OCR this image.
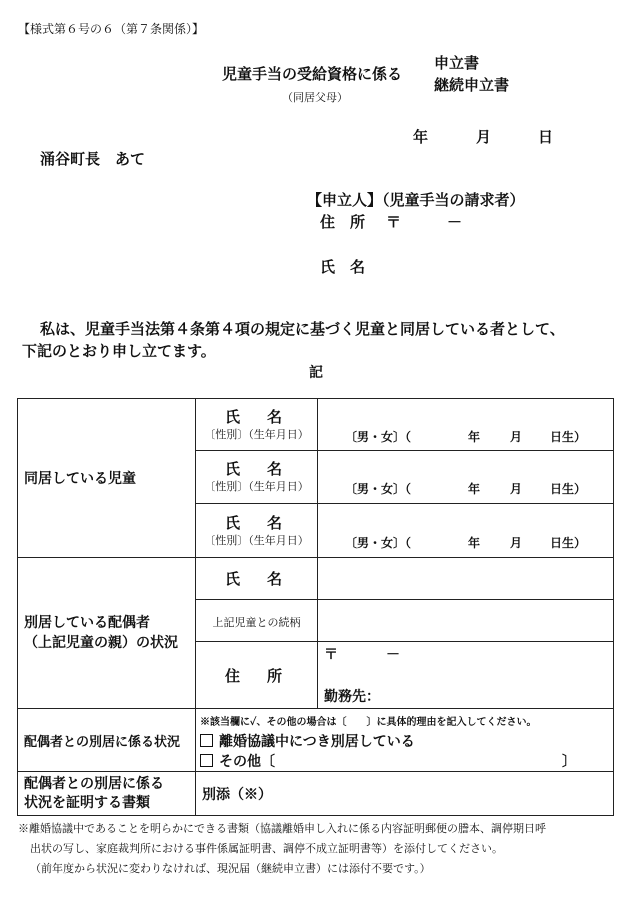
【様式第６号の６（第７条関係）】
児童手当の受給資格に係る
（同居父母）
申立書
継続申立書
年	月	日
涌谷町長　あて
【申立人】（児童手当の請求者）
住　所 〒	－
氏　名
私は、児童手当法第４条第４項の規定に基づく児童と同居している者として、
下記のとおり申し立てます。
記
同居している児童	氏　名
〔性別〕（生年月日）	〔男・女〕（ 年 月 日生）

	氏　名
〔性別〕（生年月日）	〔男・女〕（ 年 月 日生）

	氏　名
〔性別〕（生年月日）	〔男・女〕（ 年 月 日生）

別居している配偶者
（上記児童の親）の状況	氏　名	
	上記児童との続柄	
	住　所	〒 －
勤務先：

配偶者との別居に係る状況	※該当欄に✓、その他の場合は〔　　〕に具体的理由を記入してください。
離婚協議中につき別居している
その他〔 〕	

配偶者との別居に係る
状況を証明する書類	別添（※）	
※離婚協議中であることを明らかにできる書類（協議離婚申し入れに係る内容証明郵便の謄本、調停期日呼
出状の写し、家庭裁判所における事件係属証明書、調停不成立証明書等）を添付してください。
（前年度から状況に変わりなければ、現況届（継続申立書）には添付不要です。）
